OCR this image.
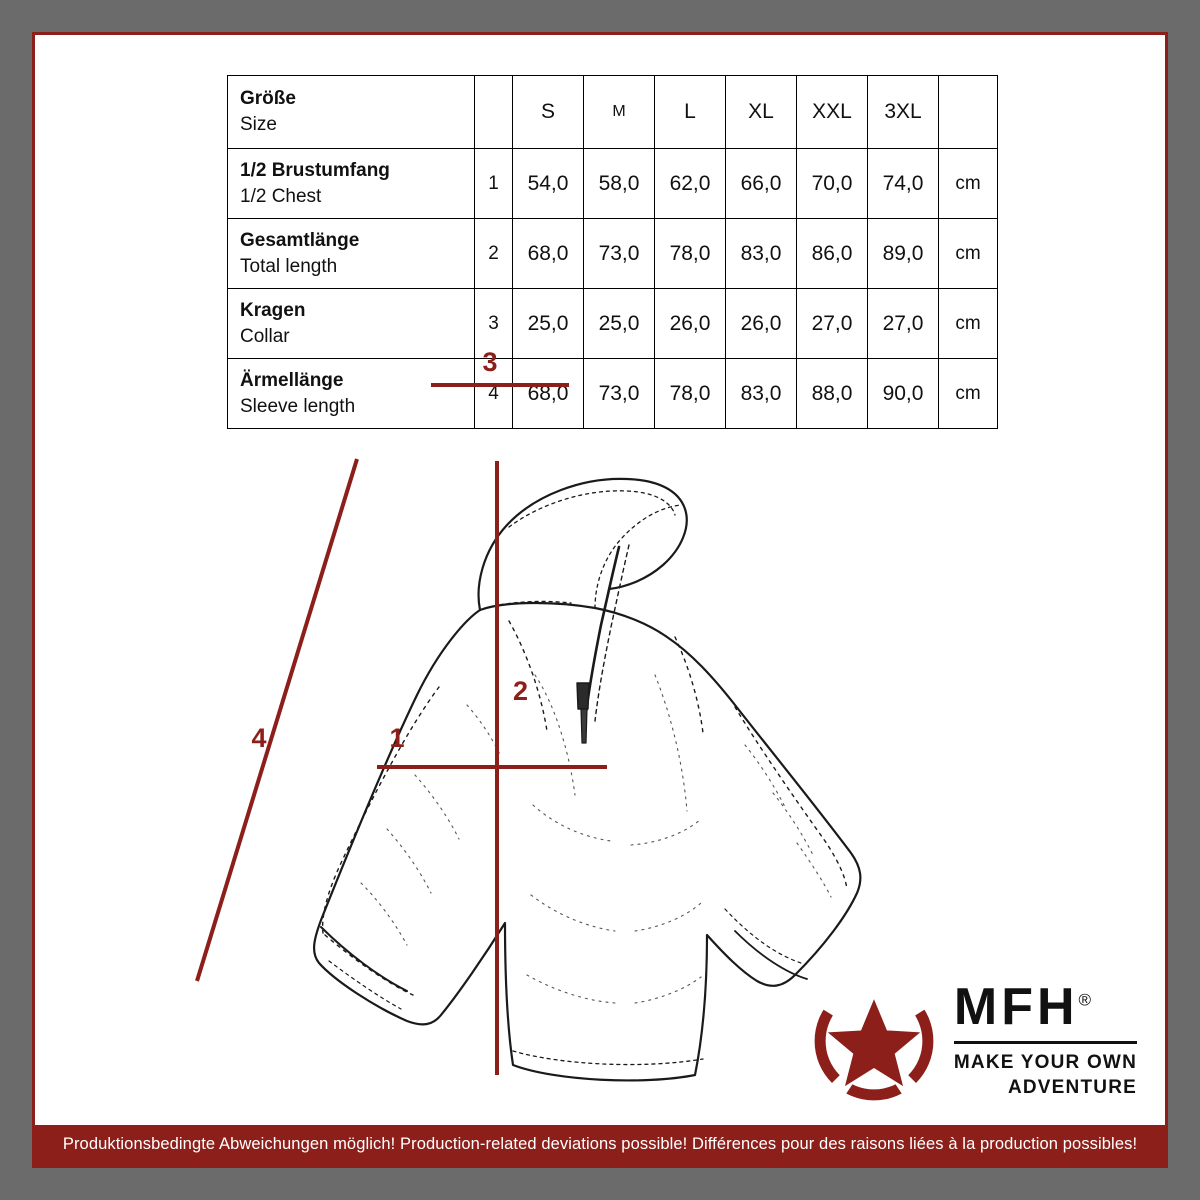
Größe
Size		S	M	L	XL	XXL	3XL	

1/2 Brustumfang
1/2 Chest	1	54,0	58,0	62,0	66,0	70,0	74,0	cm

Gesamtlänge
Total length	2	68,0	73,0	78,0	83,0	86,0	89,0	cm

Kragen
Collar	3	25,0	25,0	26,0	26,0	27,0	27,0	cm

Ärmellänge
Sleeve length	4	68,0	73,0	78,0	83,0	88,0	90,0	cm
3
4	1
2
MFH®
MAKE YOUR OWN
ADVENTURE
Produktionsbedingte Abweichungen möglich! Production-related deviations possible! Différences pour des raisons liées à la production possibles!
